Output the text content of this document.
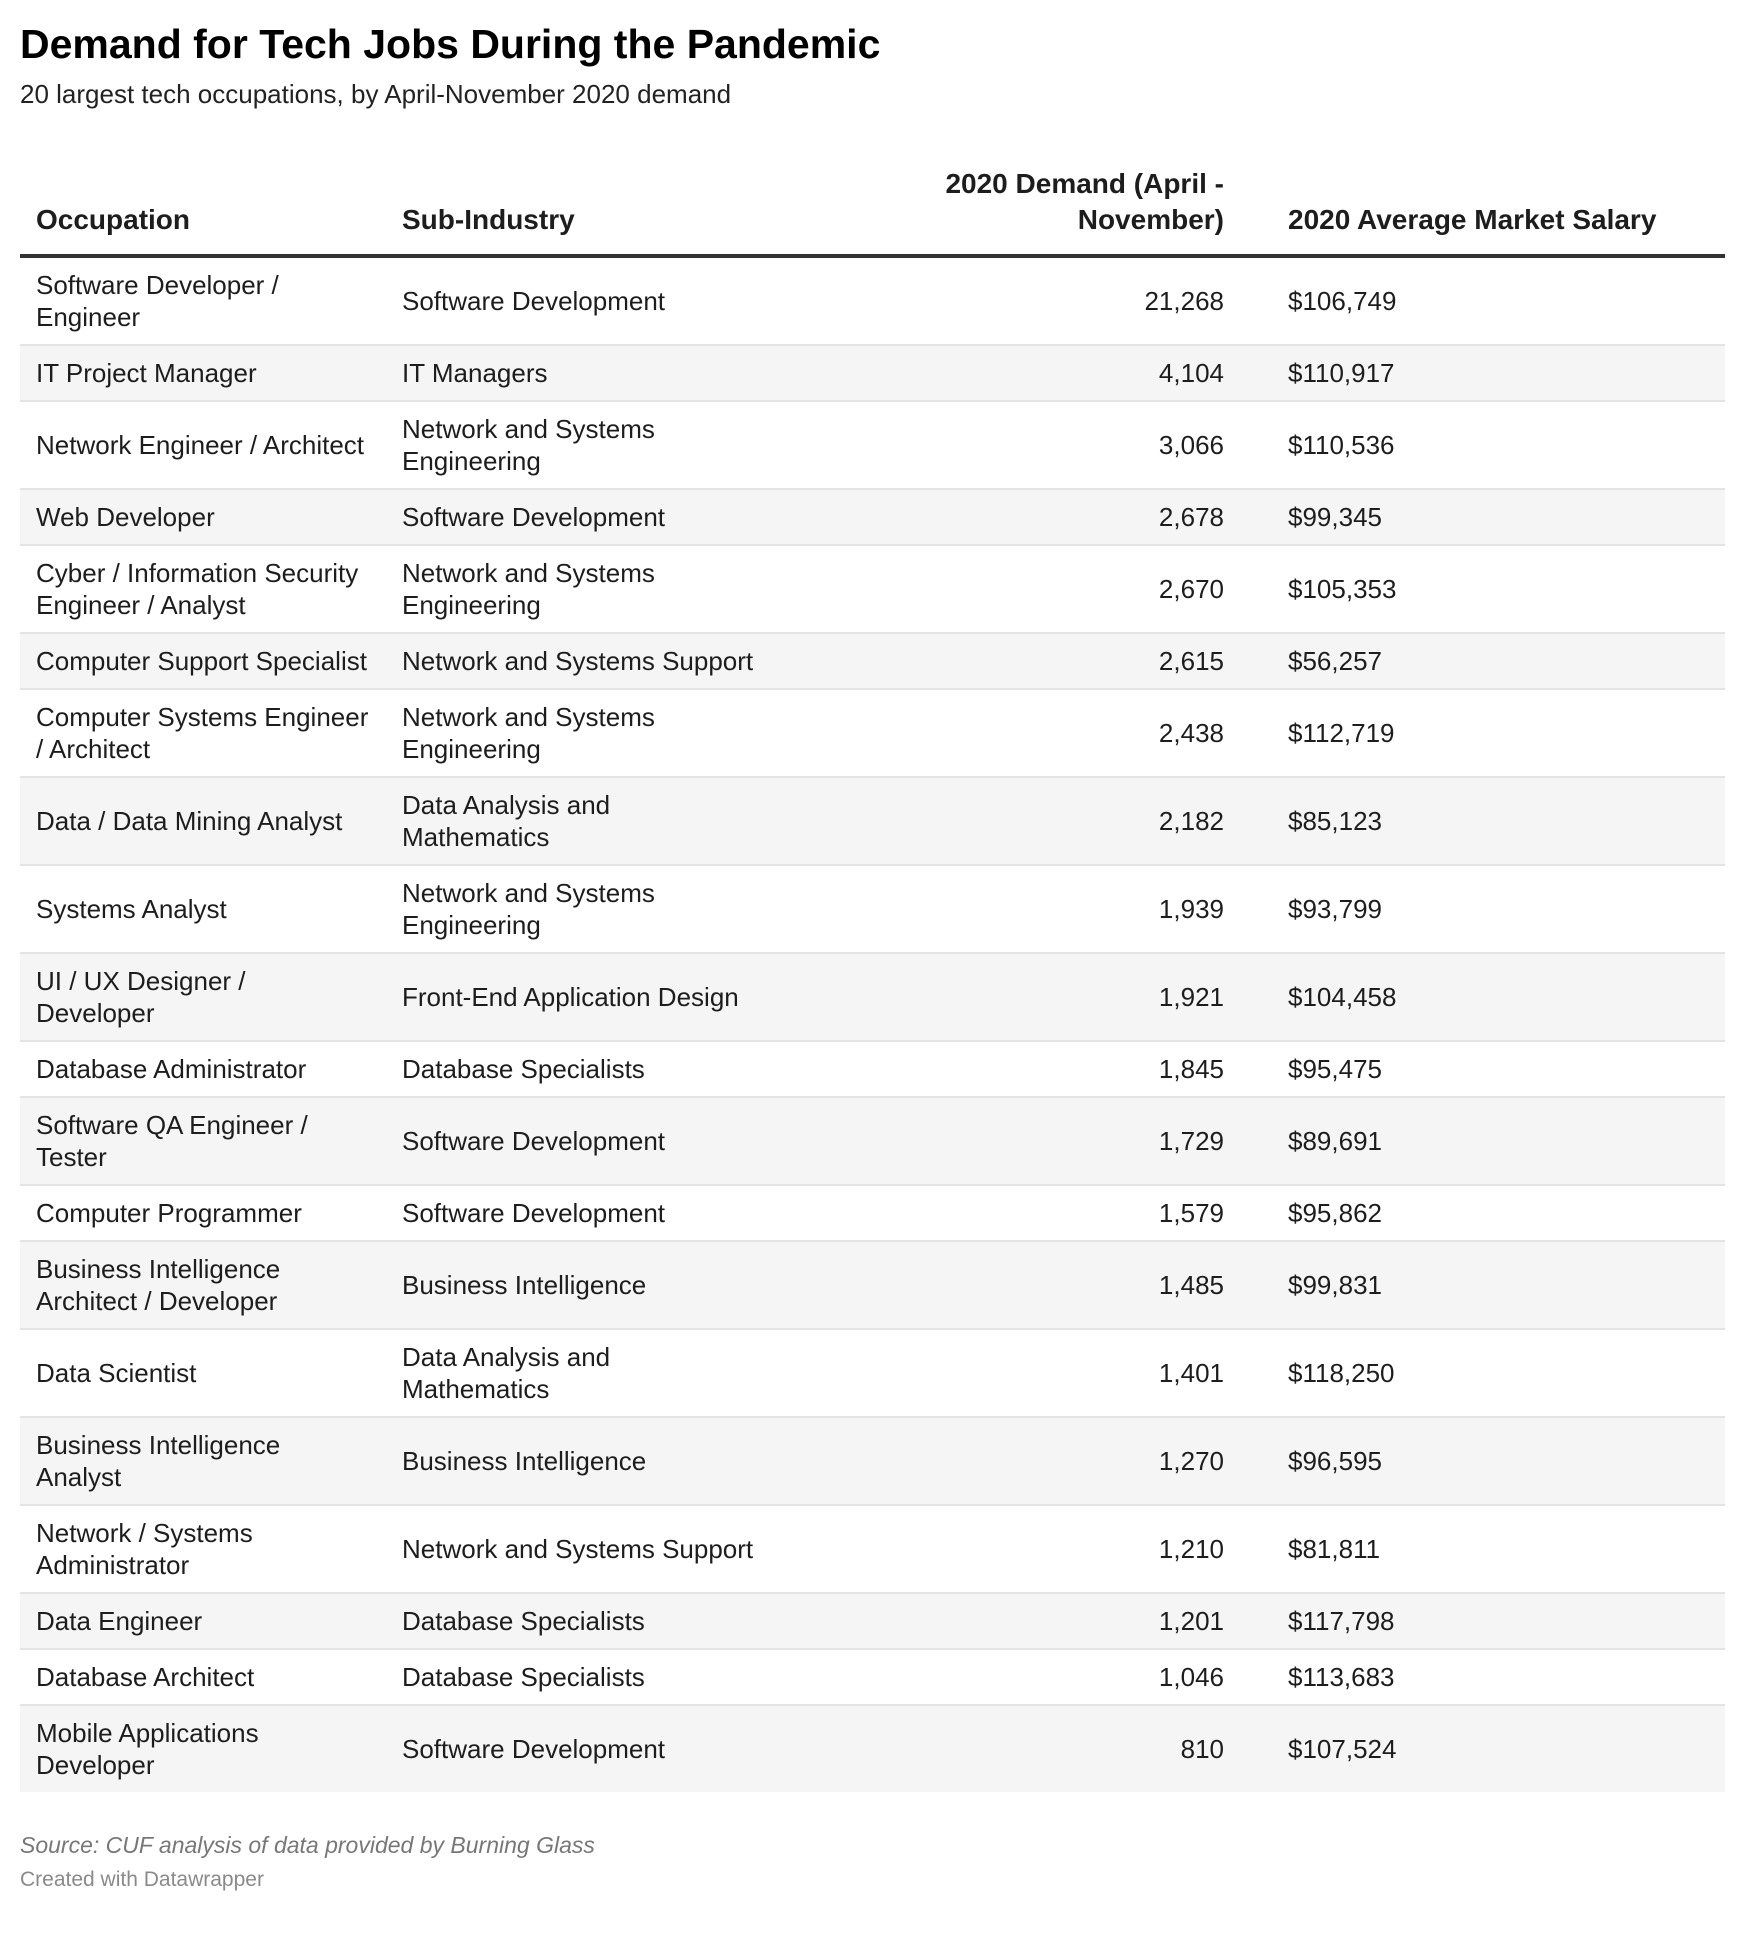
Demand for Tech Jobs During the Pandemic

20 largest tech occupations, by April-November 2020 demand

Occupation	Sub-Industry	2020 Demand (April - November)	2020 Average Market Salary
Software Developer / Engineer	Software Development	21,268	$106,749
IT Project Manager	IT Managers	4,104	$110,917
Network Engineer / Architect	Network and Systems Engineering	3,066	$110,536
Web Developer	Software Development	2,678	$99,345
Cyber / Information Security Engineer / Analyst	Network and Systems Engineering	2,670	$105,353
Computer Support Specialist	Network and Systems Support	2,615	$56,257
Computer Systems Engineer / Architect	Network and Systems Engineering	2,438	$112,719
Data / Data Mining Analyst	Data Analysis and Mathematics	2,182	$85,123
Systems Analyst	Network and Systems Engineering	1,939	$93,799
UI / UX Designer / Developer	Front-End Application Design	1,921	$104,458
Database Administrator	Database Specialists	1,845	$95,475
Software QA Engineer / Tester	Software Development	1,729	$89,691
Computer Programmer	Software Development	1,579	$95,862
Business Intelligence Architect / Developer	Business Intelligence	1,485	$99,831
Data Scientist	Data Analysis and Mathematics	1,401	$118,250
Business Intelligence Analyst	Business Intelligence	1,270	$96,595
Network / Systems Administrator	Network and Systems Support	1,210	$81,811
Data Engineer	Database Specialists	1,201	$117,798
Database Architect	Database Specialists	1,046	$113,683
Mobile Applications Developer	Software Development	810	$107,524
Source: CUF analysis of data provided by Burning Glass
Created with Datawrapper
